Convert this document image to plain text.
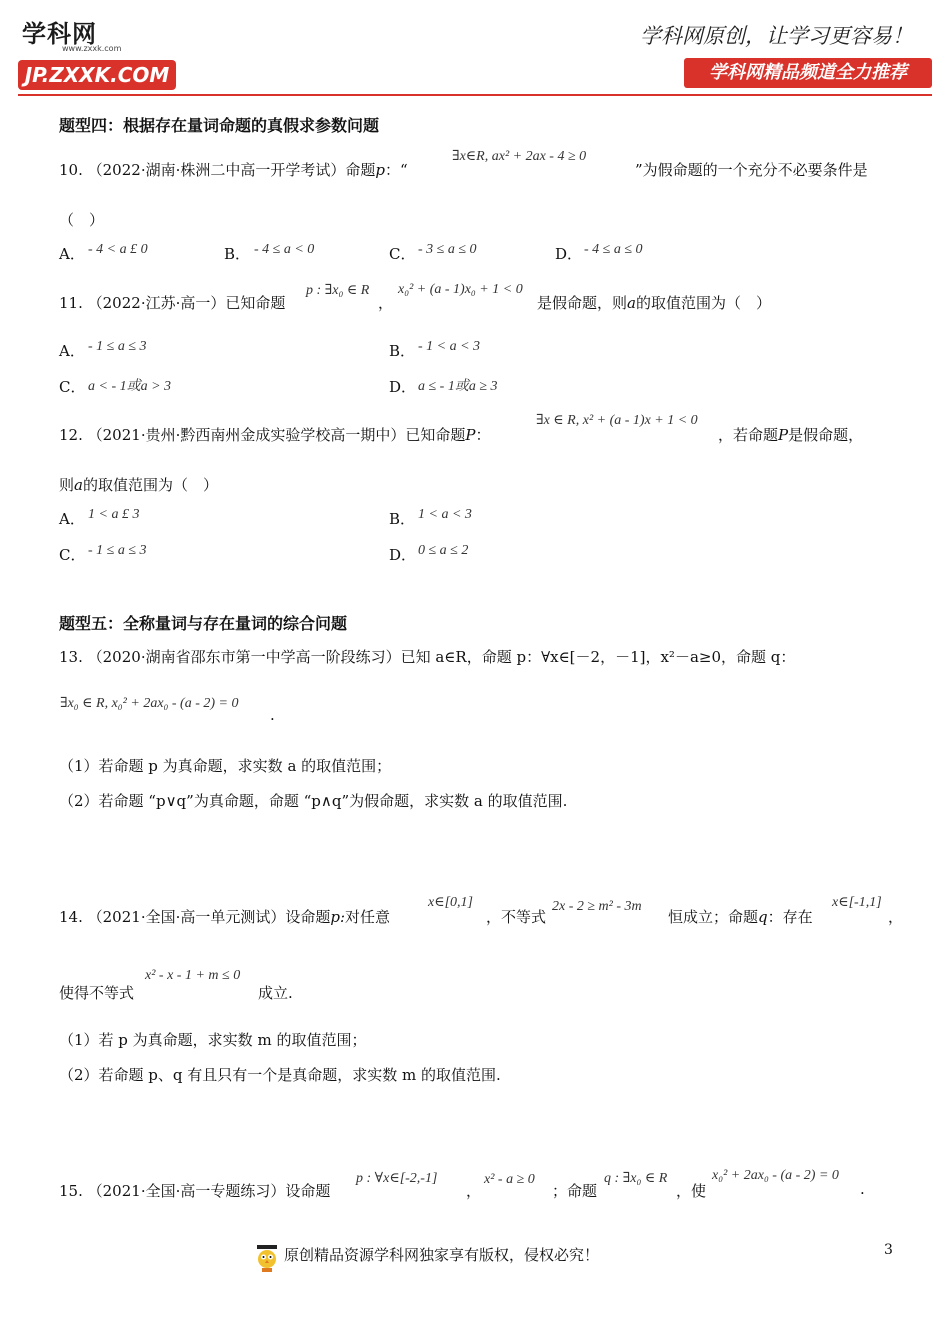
学科网
www.zxxk.com
JP.ZXXK.COM
学科网原创，让学习更容易！
学科网精品频道全力推荐
题型四：根据存在量词命题的真假求参数问题
10. （2022·湖南·株洲二中高一开学考试）命题p：“
∃x∈R, ax² + 2ax - 4 ≥ 0
”为假命题的一个充分不必要条件是
（　）
A． - 4 < a £ 0	B． - 4 ≤ a < 0	C． - 3 ≤ a ≤ 0	D． - 4 ≤ a ≤ 0
11. （2022·江苏·高一）已知命题
p : ∃x₀ ∈ R
，
x₀² + (a - 1)x₀ + 1 < 0
是假命题，则a的取值范围为（　）
A． - 1 ≤ a ≤ 3	B． - 1 < a < 3
C． a < - 1或a > 3	D． a ≤ - 1或a ≥ 3
12. （2021·贵州·黔西南州金成实验学校高一期中）已知命题P：
∃x ∈ R, x² + (a - 1)x + 1 < 0
，若命题P是假命题，
则a的取值范围为（　）
A． 1 < a £ 3	B． 1 < a < 3
C． - 1 ≤ a ≤ 3	D． 0 ≤ a ≤ 2
题型五：全称量词与存在量词的综合问题
13. （2020·湖南省邵东市第一中学高一阶段练习）已知 a∈R，命题 p：∀x∈[－2，－1]，x²－a≥0，命题 q：
∃x₀ ∈ R, x₀² + 2ax₀ - (a - 2) = 0
.
（1）若命题 p 为真命题，求实数 a 的取值范围；
（2）若命题 “p∨q”为真命题，命题 “p∧q”为假命题，求实数 a 的取值范围.
14. （2021·全国·高一单元测试）设命题p:对任意
x∈[0,1]
，不等式
2x - 2 ≥ m² - 3m
恒成立；命题q：存在
x∈[-1,1]
，
使得不等式
x² - x - 1 + m ≤ 0
成立.
（1）若 p 为真命题，求实数 m 的取值范围；
（2）若命题 p、q 有且只有一个是真命题，求实数 m 的取值范围.
15. （2021·全国·高一专题练习）设命题
p : ∀x∈[-2,-1]
，
x² - a ≥ 0
；命题
q : ∃x₀ ∈ R
，使
x₀² + 2ax₀ - (a - 2) = 0
.
3
原创精品资源学科网独家享有版权，侵权必究！
